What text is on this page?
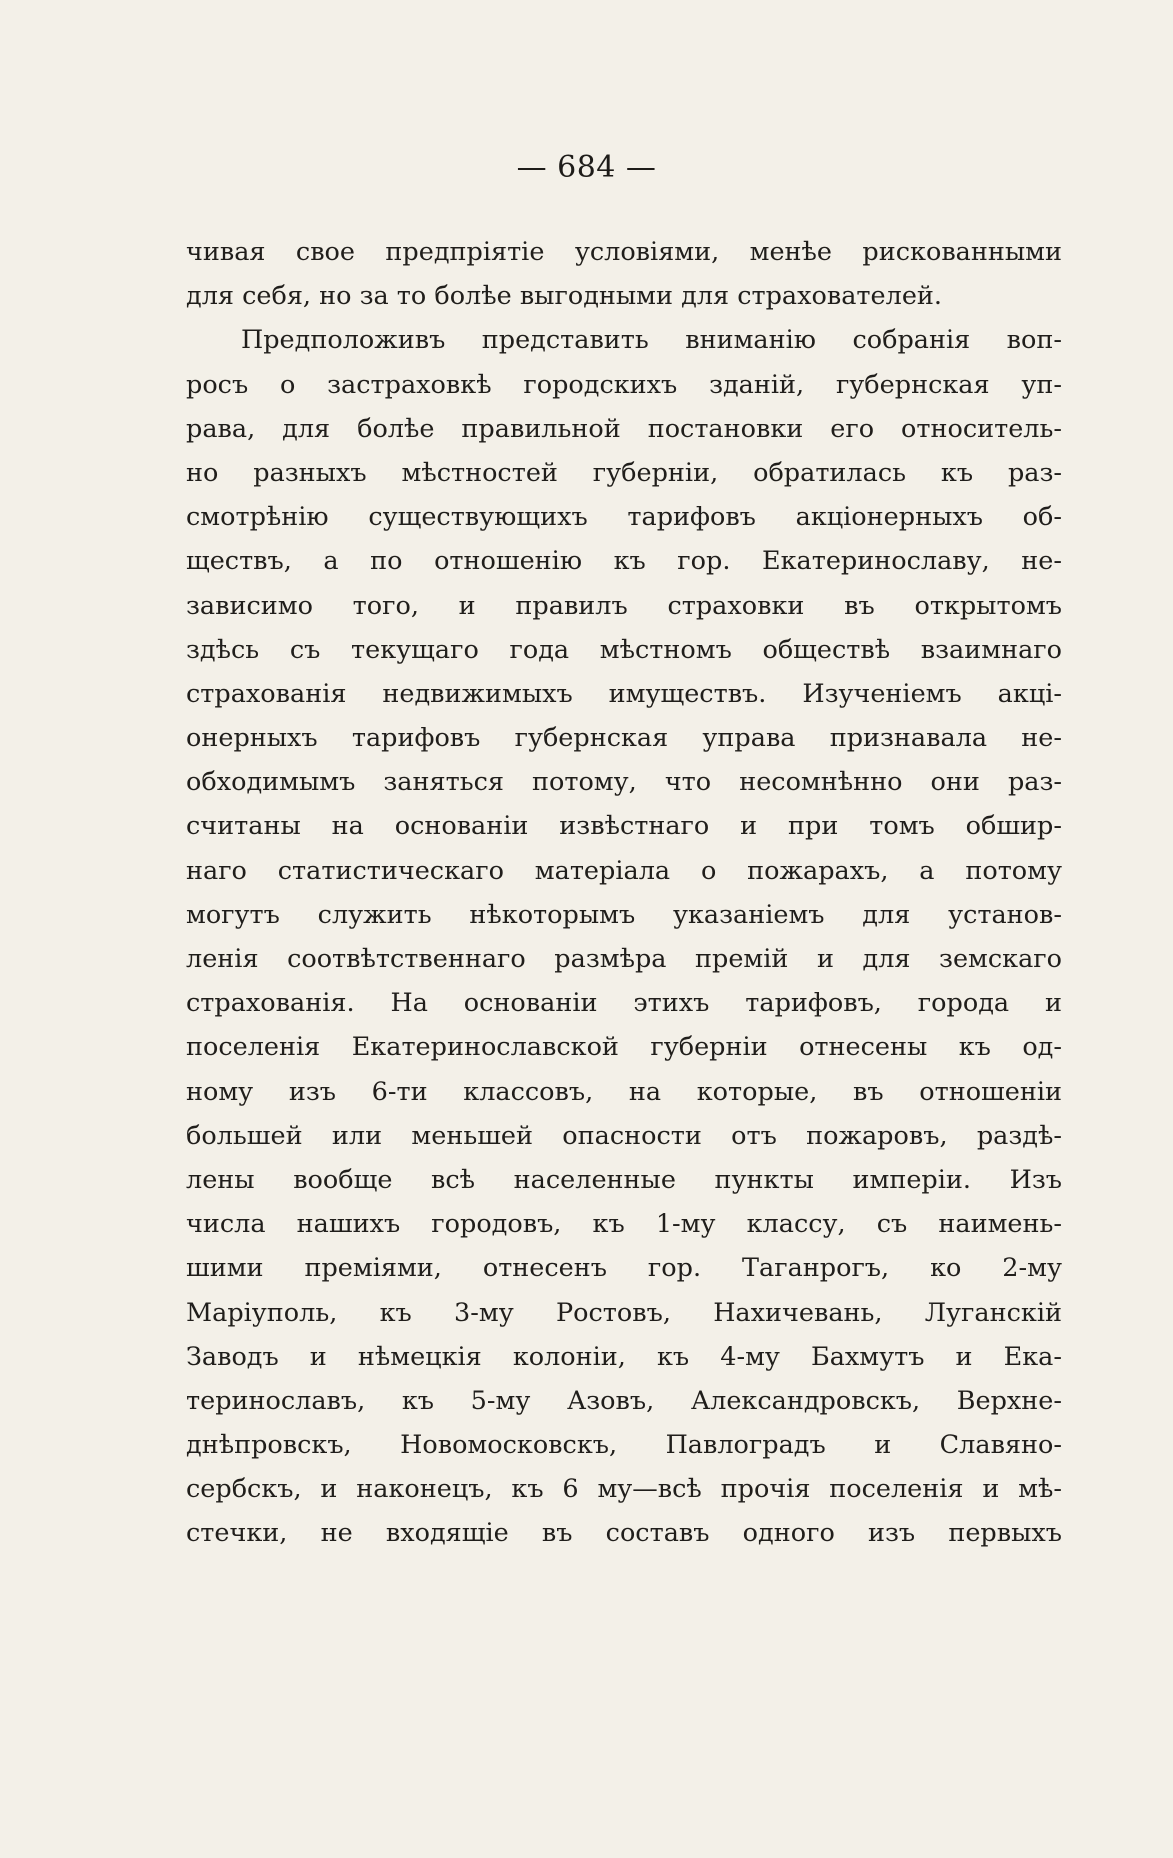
— 684 —
чивая свое предпріятіе условіями, менѣе рискованными
для себя, но за то болѣе выгодными для страхователей.
Предположивъ представить вниманію собранія воп-
росъ о застраховкѣ городскихъ зданій, губернская уп-
рава, для болѣе правильной постановки его относитель-
но разныхъ мѣстностей губерніи, обратилась къ раз-
смотрѣнію существующихъ тарифовъ акціонерныхъ об-
ществъ, а по отношенію къ гор. Екатеринославу, не-
зависимо того, и правилъ страховки въ открытомъ
здѣсь съ текущаго года мѣстномъ обществѣ взаимнаго
страхованія недвижимыхъ имуществъ. Изученіемъ акці-
онерныхъ тарифовъ губернская управа признавала не-
обходимымъ заняться потому, что несомнѣнно они раз-
считаны на основаніи извѣстнаго и при томъ обшир-
наго статистическаго матеріала о пожарахъ, а потому
могутъ служить нѣкоторымъ указаніемъ для установ-
ленія соотвѣтственнаго размѣра премій и для земскаго
страхованія. На основаніи этихъ тарифовъ, города и
поселенія Екатеринославской губерніи отнесены къ од-
ному изъ 6-ти классовъ, на которые, въ отношеніи
большей или меньшей опасности отъ пожаровъ, раздѣ-
лены вообще всѣ населенные пункты имперіи. Изъ
числа нашихъ городовъ, къ 1-му классу, съ наимень-
шими преміями, отнесенъ гор. Таганрогъ, ко 2-му
Маріуполь, къ 3-му Ростовъ, Нахичевань, Луганскій
Заводъ и нѣмецкія колоніи, къ 4-му Бахмутъ и Ека-
теринославъ, къ 5-му Азовъ, Александровскъ, Верхне-
днѣпровскъ, Новомосковскъ, Павлоградъ и Славяно-
сербскъ, и наконецъ, къ 6 му—всѣ прочія поселенія и мѣ-
стечки, не входящіе въ составъ одного изъ первыхъ
